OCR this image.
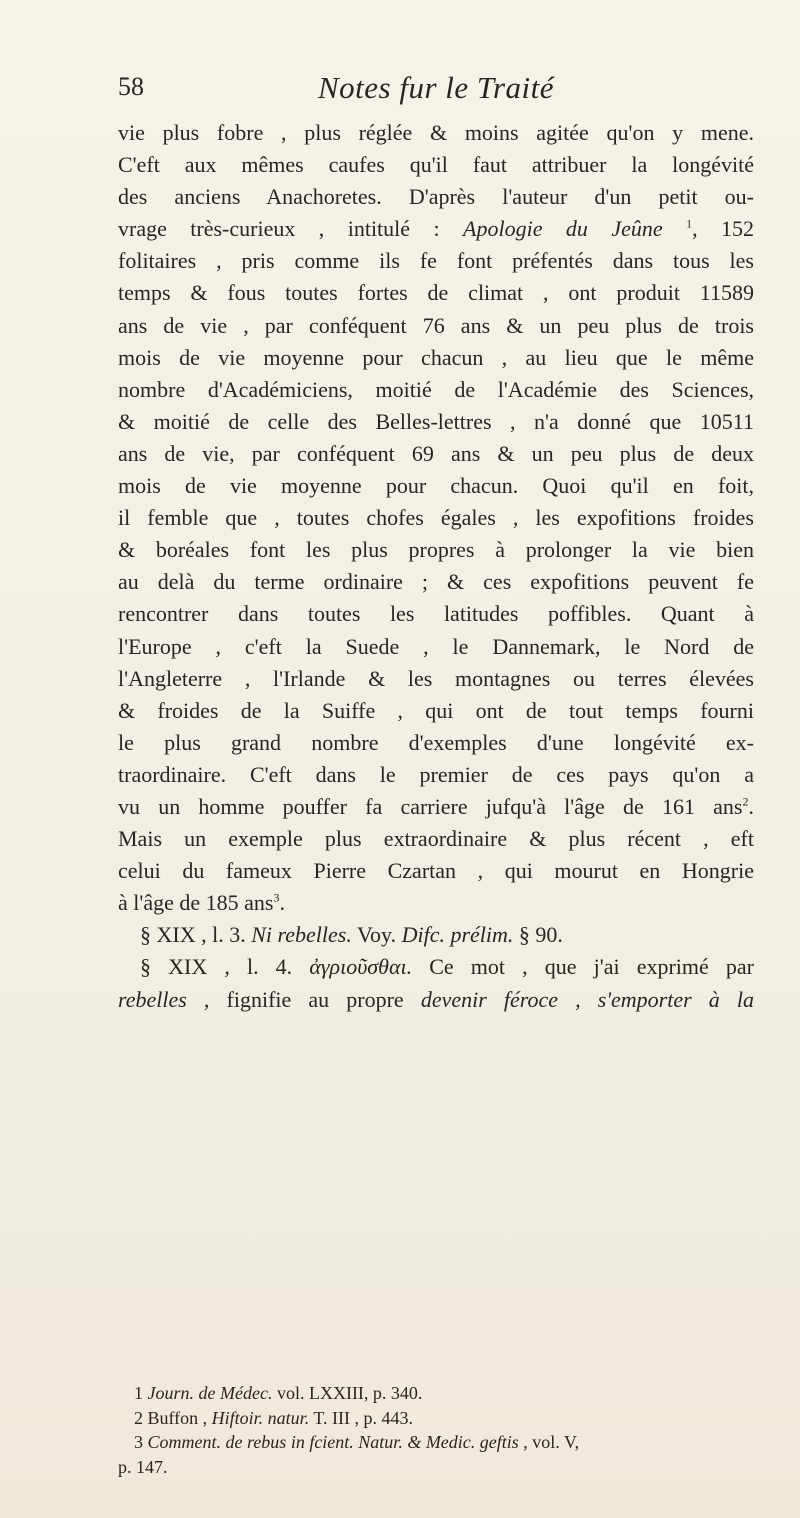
58	Notes fur le Traité
vie plus fobre , plus réglée & moins agitée qu'on y mene.
C'eft aux mêmes caufes qu'il faut attribuer la longévité
des anciens Anachoretes. D'après l'auteur d'un petit ou-
vrage très-curieux , intitulé : Apologie du Jeûne $^1$, 152
folitaires , pris comme ils fe font préfentés dans tous les
temps & fous toutes fortes de climat , ont produit 11589
ans de vie , par conféquent 76 ans & un peu plus de trois
mois de vie moyenne pour chacun , au lieu que le même
nombre d'Académiciens, moitié de l'Académie des Sciences,
& moitié de celle des Belles-lettres , n'a donné que 10511
ans de vie, par conféquent 69 ans & un peu plus de deux
mois de vie moyenne pour chacun. Quoi qu'il en foit,
il femble que , toutes chofes égales , les expofitions froides
& boréales font les plus propres à prolonger la vie bien
au delà du terme ordinaire ; & ces expofitions peuvent fe
rencontrer dans toutes les latitudes poffibles. Quant à
l'Europe , c'eft la Suede , le Dannemark, le Nord de
l'Angleterre , l'Irlande & les montagnes ou terres élevées
& froides de la Suiffe , qui ont de tout temps fourni
le plus grand nombre d'exemples d'une longévité ex-
traordinaire. C'eft dans le premier de ces pays qu'on a
vu un homme pouffer fa carriere jufqu'à l'âge de 161 ans$^2$.
Mais un exemple plus extraordinaire & plus récent , eft
celui du fameux Pierre Czartan , qui mourut en Hongrie
à l'âge de 185 ans$^3$.
§ XIX , l. 3. Ni rebelles. Voy. Difc. prélim. § 90.
§ XIX , l. 4. ἀγριοῦσθαι. Ce mot , que j'ai exprimé par
rebelles , fignifie au propre devenir féroce , s'emporter à la
1 Journ. de Médec. vol. LXXIII, p. 340.
2 Buffon , Hiftoir. natur. T. III , p. 443.
3 Comment. de rebus in fcient. Natur. & Medic. geftis , vol. V,
p. 147.
